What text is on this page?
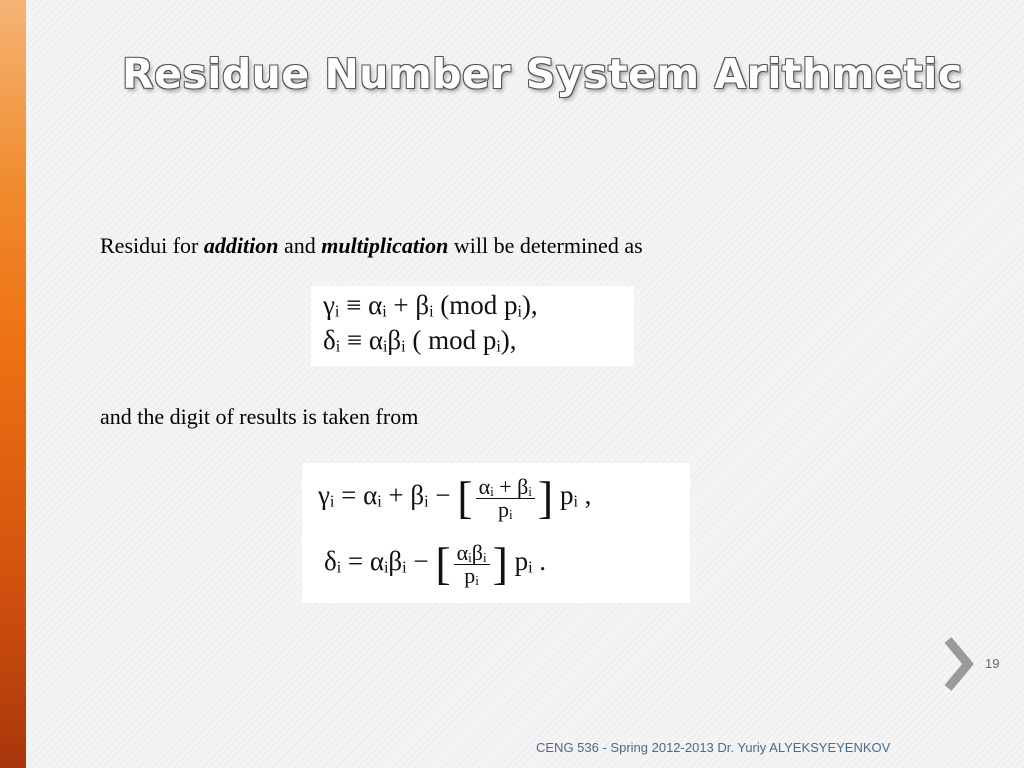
Residue Number System Arithmetic

Residui for addition and multiplication will be determined as

γᵢ ≡ αᵢ + βᵢ (mod pᵢ),
δᵢ ≡ αᵢβᵢ ( mod pᵢ),

and the digit of results is taken from

γᵢ = αᵢ + βᵢ − [ $\frac{\text{αᵢ + βᵢ}}{\text{pᵢ}}$ ] pᵢ ,
δᵢ = αᵢβᵢ − [ $\frac{\text{αᵢβᵢ}}{\text{pᵢ}}$ ] pᵢ .
19
CENG 536 - Spring 2012-2013 Dr. Yuriy ALYEKSYEYENKOV
